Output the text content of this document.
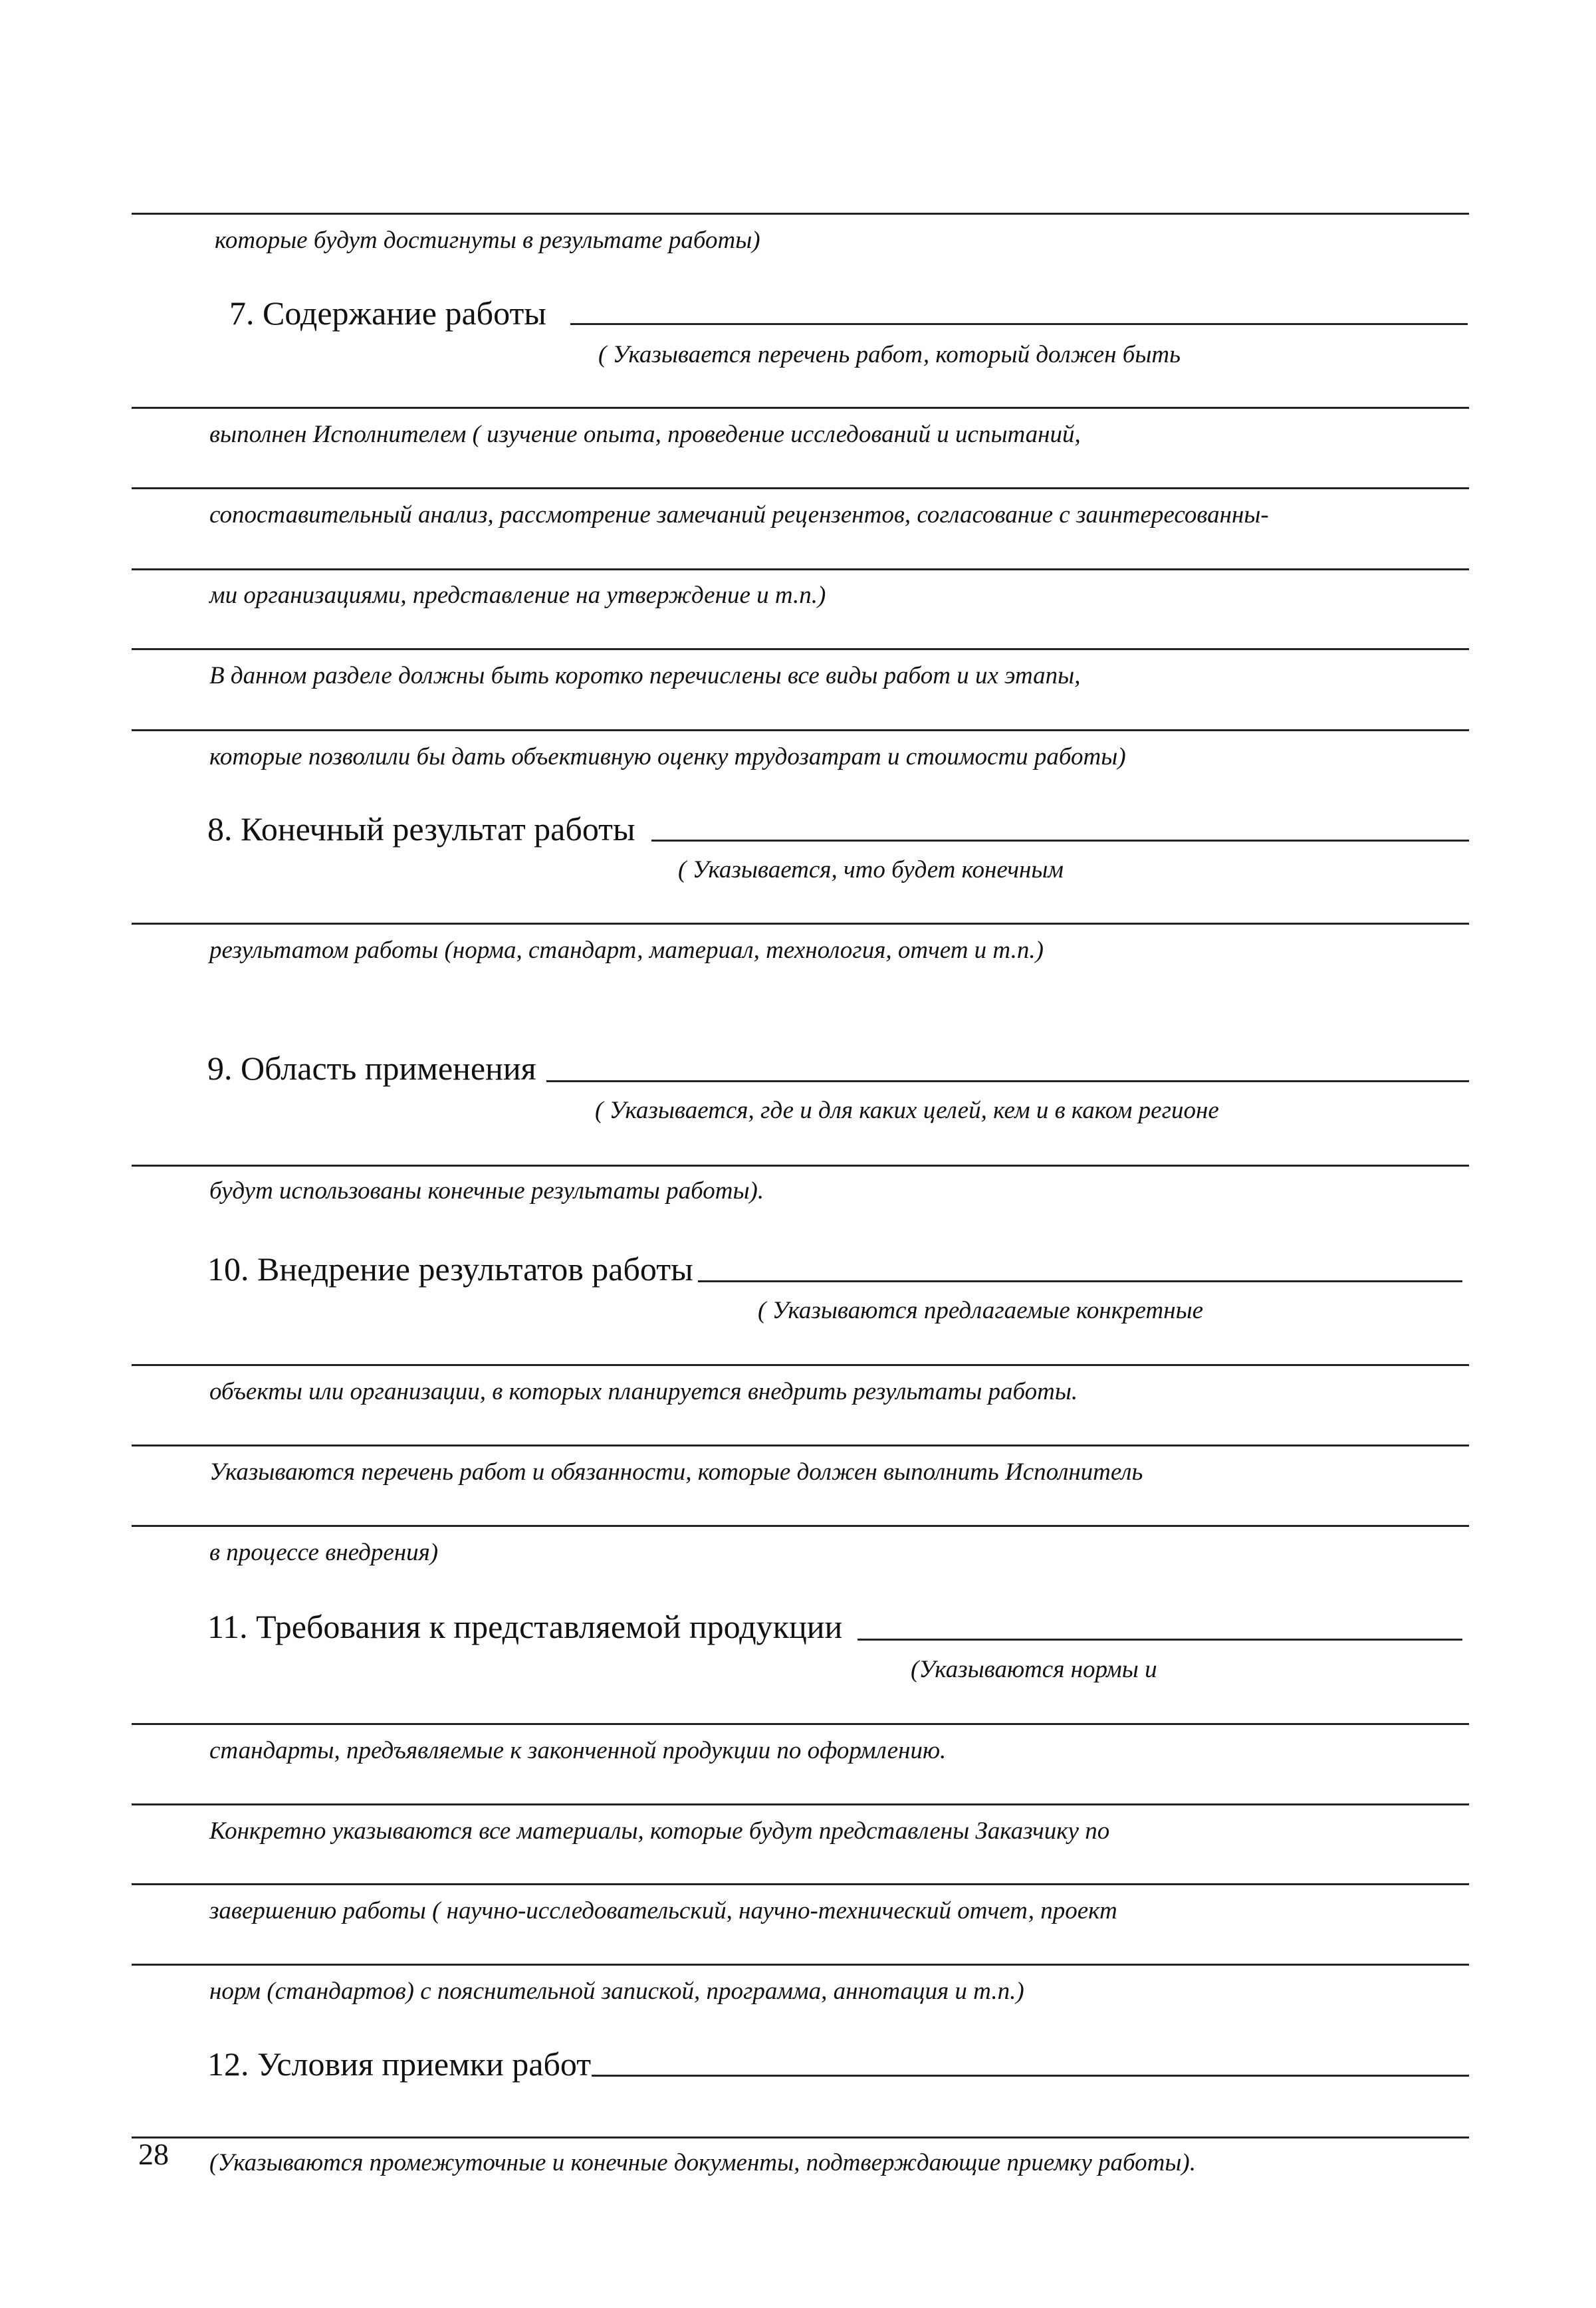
которые будут достигнуты в результате работы)
7. Содержание работы
( Указывается перечень работ, который должен быть
выполнен Исполнителем ( изучение опыта, проведение исследований и испытаний,
сопоставительный анализ, рассмотрение замечаний рецензентов, согласование с заинтересованны-
ми организациями, представление на утверждение и т.п.)
В данном разделе должны быть коротко перечислены все виды работ и их этапы,
которые позволили бы дать объективную оценку трудозатрат и стоимости работы)
8. Конечный результат работы
( Указывается, что будет конечным
результатом работы (норма, стандарт, материал, технология, отчет и т.п.)
9. Область применения
( Указывается, где и для каких целей, кем и в каком регионе
будут использованы конечные результаты работы).
10. Внедрение результатов работы
( Указываются предлагаемые конкретные
объекты или организации, в которых планируется внедрить результаты работы.
Указываются перечень работ и обязанности, которые должен выполнить Исполнитель
в процессе внедрения)
11. Требования к представляемой продукции
(Указываются нормы и
стандарты, предъявляемые к законченной продукции по оформлению.
Конкретно указываются все материалы, которые будут представлены Заказчику по
завершению работы ( научно-исследовательский, научно-технический отчет, проект
норм (стандартов) с пояснительной запиской, программа, аннотация и т.п.)
12. Условия приемки работ
(Указываются промежуточные и конечные документы, подтверждающие приемку работы).
28
